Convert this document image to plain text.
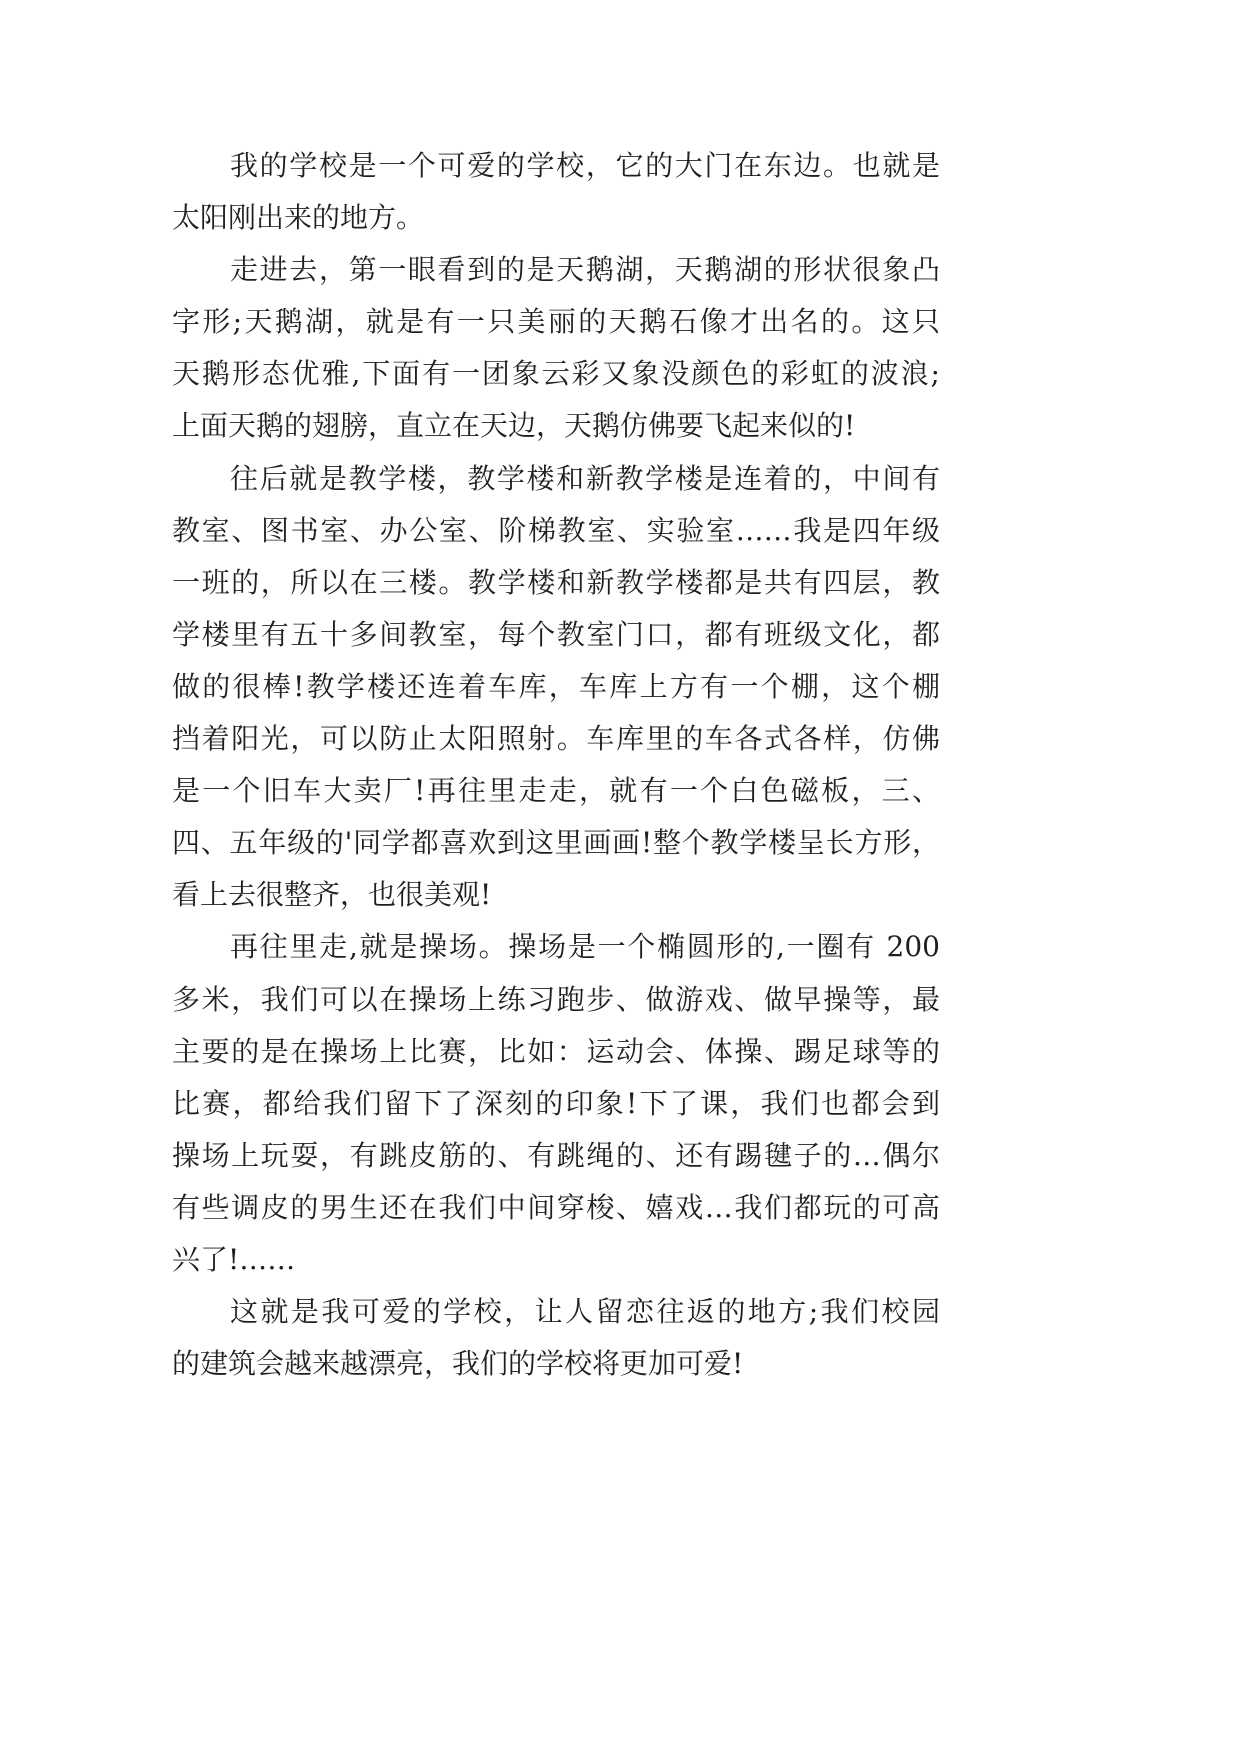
我的学校是一个可爱的学校，它的大门在东边。也就是
太阳刚出来的地方。
走进去，第一眼看到的是天鹅湖，天鹅湖的形状很象凸
字形;天鹅湖，就是有一只美丽的天鹅石像才出名的。这只
天鹅形态优雅,下面有一团象云彩又象没颜色的彩虹的波浪;
上面天鹅的翅膀，直立在天边，天鹅仿佛要飞起来似的!
往后就是教学楼，教学楼和新教学楼是连着的，中间有
教室、图书室、办公室、阶梯教室、实验室……我是四年级
一班的，所以在三楼。教学楼和新教学楼都是共有四层，教
学楼里有五十多间教室，每个教室门口，都有班级文化，都
做的很棒!教学楼还连着车库，车库上方有一个棚，这个棚
挡着阳光，可以防止太阳照射。车库里的车各式各样，仿佛
是一个旧车大卖厂!再往里走走，就有一个白色磁板，三、
四、五年级的'同学都喜欢到这里画画!整个教学楼呈长方形，
看上去很整齐，也很美观!
再往里走,就是操场。操场是一个椭圆形的,一圈有 200
多米，我们可以在操场上练习跑步、做游戏、做早操等，最
主要的是在操场上比赛，比如：运动会、体操、踢足球等的
比赛，都给我们留下了深刻的印象!下了课，我们也都会到
操场上玩耍，有跳皮筋的、有跳绳的、还有踢毽子的…偶尔
有些调皮的男生还在我们中间穿梭、嬉戏…我们都玩的可高
兴了!……
这就是我可爱的学校，让人留恋往返的地方;我们校园
的建筑会越来越漂亮，我们的学校将更加可爱!
